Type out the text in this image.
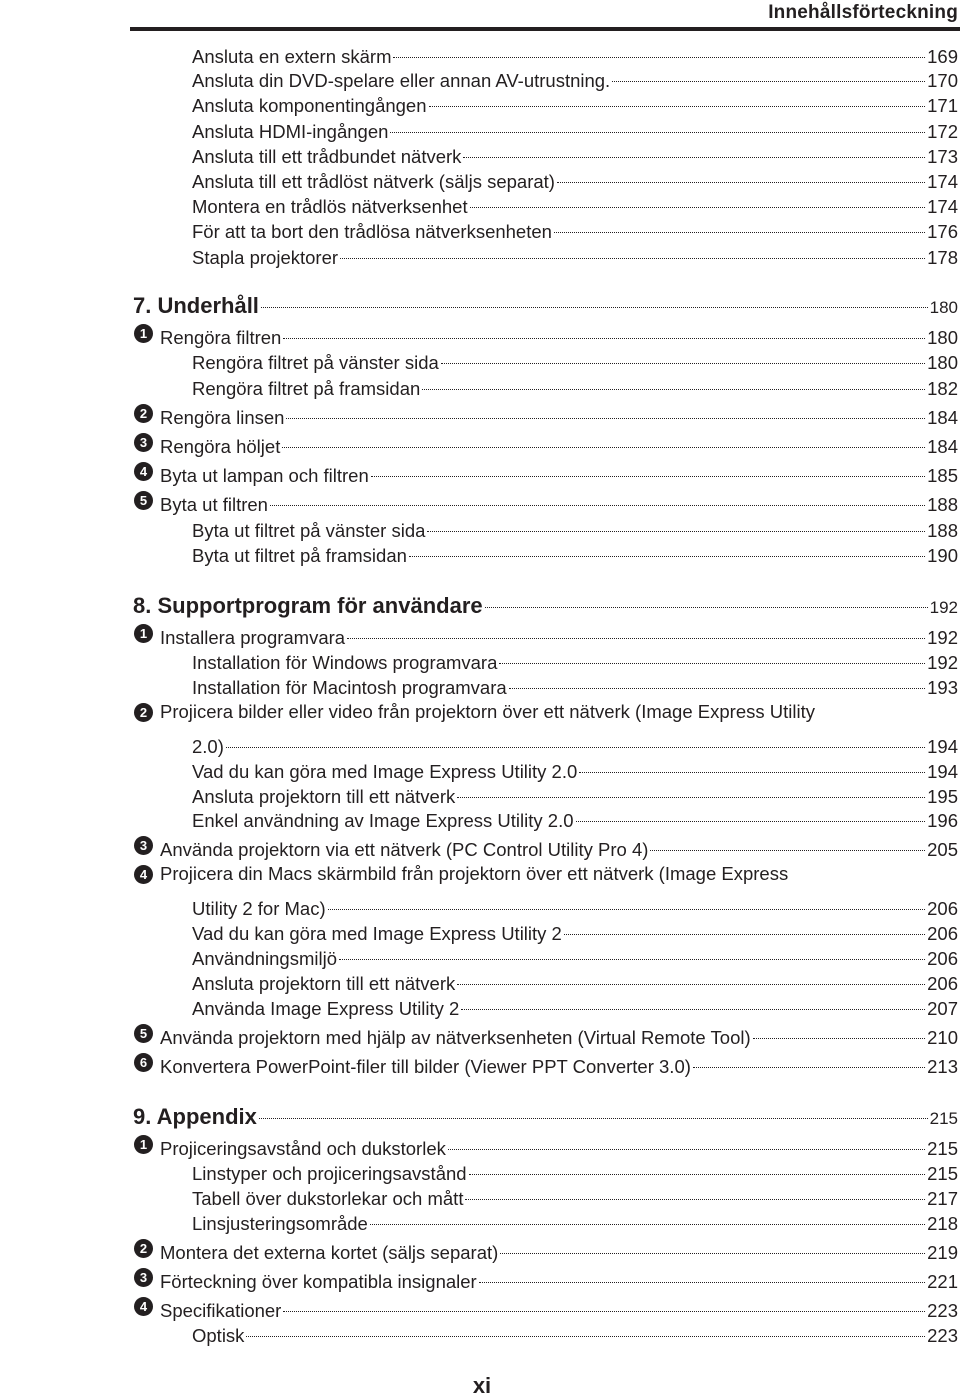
Innehållsförteckning
Ansluta en extern skärm	169
Ansluta din DVD-spelare eller annan AV-utrustning.	170
Ansluta komponentingången	171
Ansluta HDMI-ingången	172
Ansluta till ett trådbundet nätverk	173
Ansluta till ett trådlöst nätverk (säljs separat)	174
Montera en trådlös nätverksenhet	174
För att ta bort den trådlösa nätverksenheten	176
Stapla projektorer	178
7. Underhåll	180
1 Rengöra filtren	180
Rengöra filtret på vänster sida	180
Rengöra filtret på framsidan	182
2 Rengöra linsen	184
3 Rengöra höljet	184
4 Byta ut lampan och filtren	185
5 Byta ut filtren	188
Byta ut filtret på vänster sida	188
Byta ut filtret på framsidan	190
8. Supportprogram för användare	192
1 Installera programvara	192
Installation för Windows programvara	192
Installation för Macintosh programvara	193
2 Projicera bilder eller video från projektorn över ett nätverk (Image Express Utility
2.0)	194
Vad du kan göra med Image Express Utility 2.0	194
Ansluta projektorn till ett nätverk	195
Enkel användning av Image Express Utility 2.0	196
3 Använda projektorn via ett nätverk (PC Control Utility Pro 4)	205
4 Projicera din Macs skärmbild från projektorn över ett nätverk (Image Express
Utility 2 for Mac)	206
Vad du kan göra med Image Express Utility 2	206
Användningsmiljö	206
Ansluta projektorn till ett nätverk	206
Använda Image Express Utility 2	207
5 Använda projektorn med hjälp av nätverksenheten (Virtual Remote Tool)	210
6 Konvertera PowerPoint-filer till bilder (Viewer PPT Converter 3.0)	213
9. Appendix	215
1 Projiceringsavstånd och dukstorlek	215
Linstyper och projiceringsavstånd	215
Tabell över dukstorlekar och mått	217
Linsjusteringsområde	218
2 Montera det externa kortet (säljs separat)	219
3 Förteckning över kompatibla insignaler	221
4 Specifikationer	223
Optisk	223
xi
